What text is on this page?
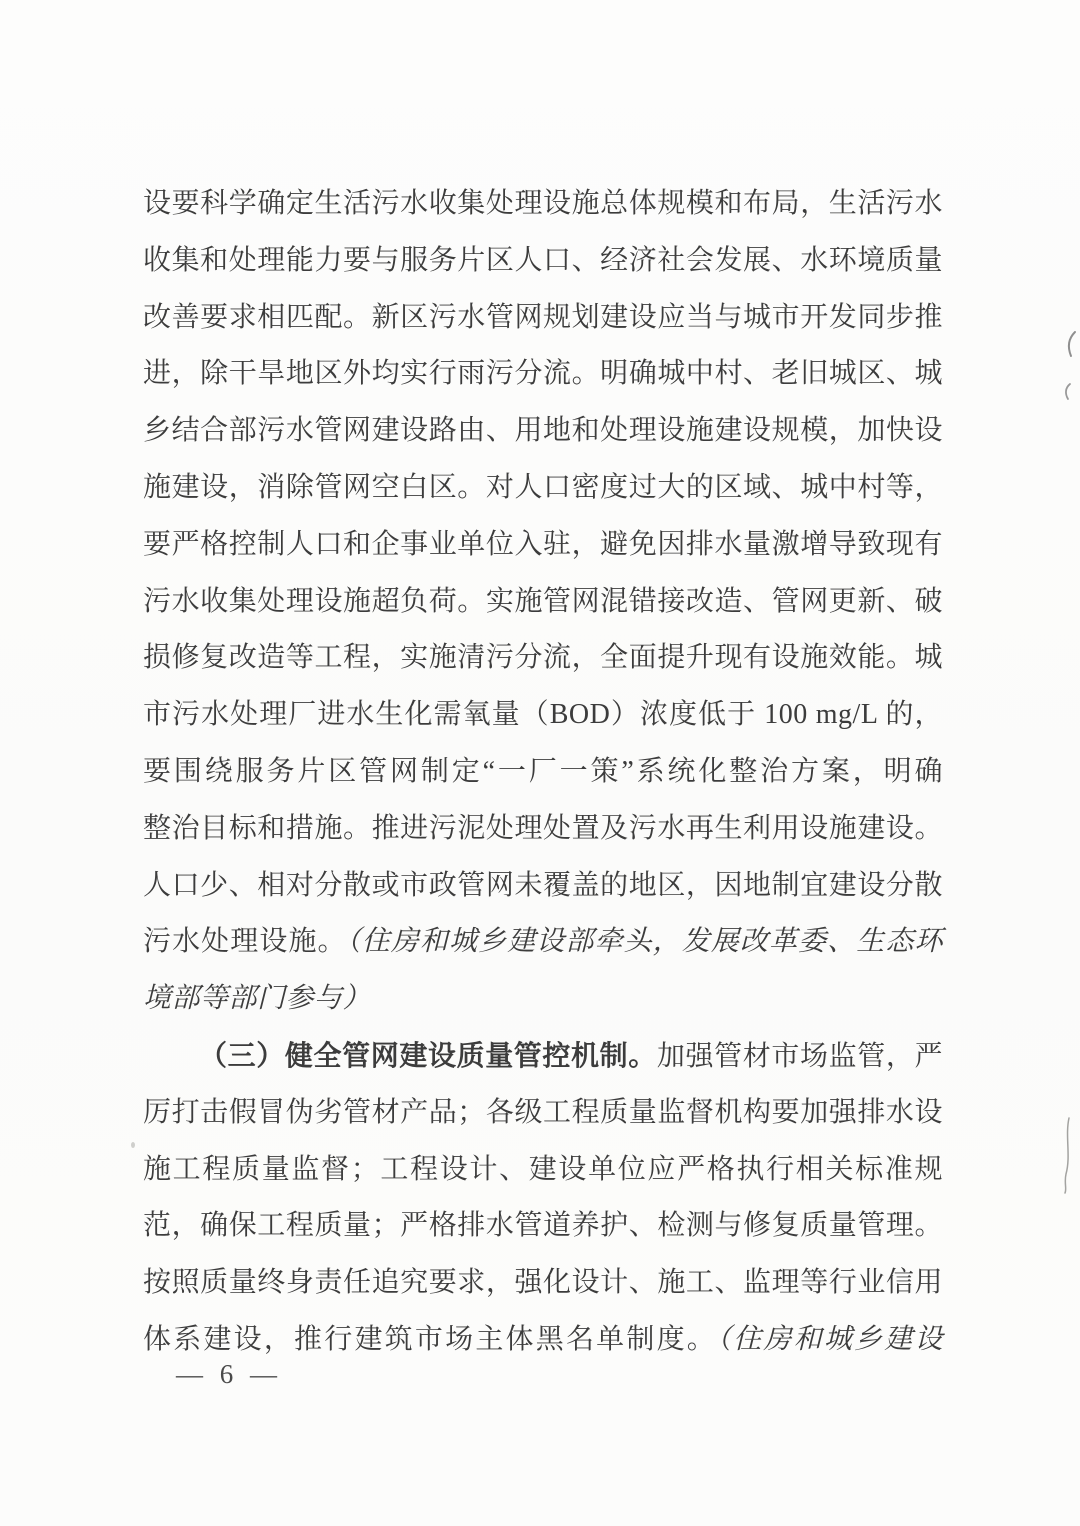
设要科学确定生活污水收集处理设施总体规模和布局，生活污水
收集和处理能力要与服务片区人口、经济社会发展、水环境质量
改善要求相匹配。新区污水管网规划建设应当与城市开发同步推
进，除干旱地区外均实行雨污分流。明确城中村、老旧城区、城
乡结合部污水管网建设路由、用地和处理设施建设规模，加快设
施建设，消除管网空白区。对人口密度过大的区域、城中村等，
要严格控制人口和企事业单位入驻，避免因排水量激增导致现有
污水收集处理设施超负荷。实施管网混错接改造、管网更新、破
损修复改造等工程，实施清污分流，全面提升现有设施效能。城
市污水处理厂进水生化需氧量（BOD）浓度低于 100 mg/L 的，
要围绕服务片区管网制定“一厂一策”系统化整治方案，明确
整治目标和措施。推进污泥处理处置及污水再生利用设施建设。
人口少、相对分散或市政管网未覆盖的地区，因地制宜建设分散
污水处理设施。（住房和城乡建设部牵头，发展改革委、生态环
境部等部门参与）
（三）健全管网建设质量管控机制。加强管材市场监管，严
厉打击假冒伪劣管材产品；各级工程质量监督机构要加强排水设
施工程质量监督；工程设计、建设单位应严格执行相关标准规
范，确保工程质量；严格排水管道养护、检测与修复质量管理。
按照质量终身责任追究要求，强化设计、施工、监理等行业信用
体系建设，推行建筑市场主体黑名单制度。（住房和城乡建设
— 6 —
